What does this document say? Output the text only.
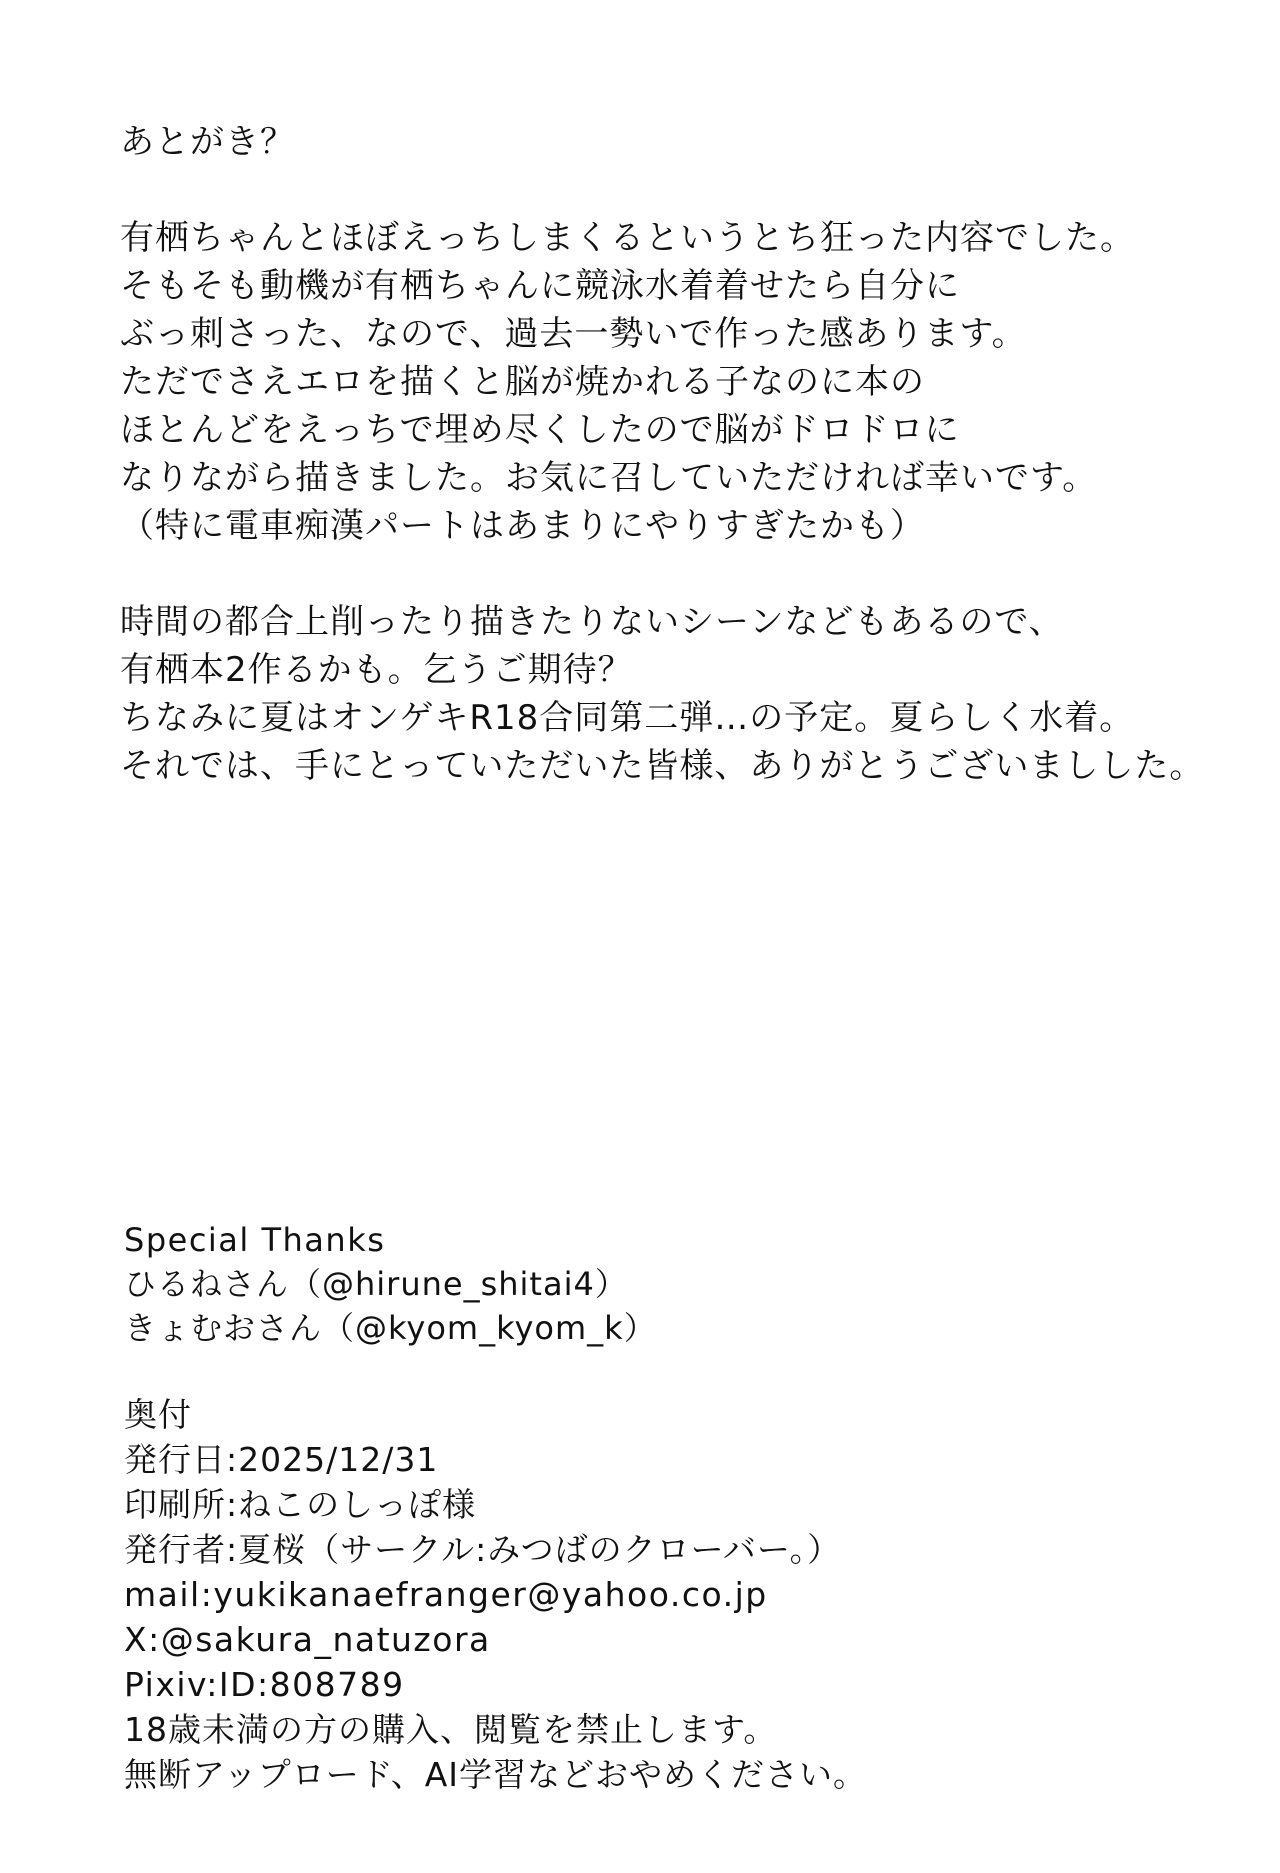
あとがき？
有栖ちゃんとほぼえっちしまくるというとち狂った内容でした。
そもそも動機が有栖ちゃんに競泳水着着せたら自分に
ぶっ刺さった、なので、過去一勢いで作った感あります。
ただでさえエロを描くと脳が焼かれる子なのに本の
ほとんどをえっちで埋め尽くしたので脳がドロドロに
なりながら描きました。お気に召していただければ幸いです。
（特に電車痴漢パートはあまりにやりすぎたかも）
時間の都合上削ったり描きたりないシーンなどもあるので、
有栖本2作るかも。乞うご期待？
ちなみに夏はオンゲキR18合同第二弾…の予定。夏らしく水着。
それでは、手にとっていただいた皆様、ありがとうございましした。
Special Thanks
ひるねさん（@hirune_shitai4）
きょむおさん（@kyom_kyom_k）
奥付
発行日:2025/12/31
印刷所:ねこのしっぽ様
発行者:夏桜（サークル:みつばのクローバー。）
mail:yukikanaefranger@yahoo.co.jp
X:@sakura_natuzora
Pixiv:ID:808789
18歳未満の方の購入、閲覧を禁止します。
無断アップロード、AI学習などおやめください。
